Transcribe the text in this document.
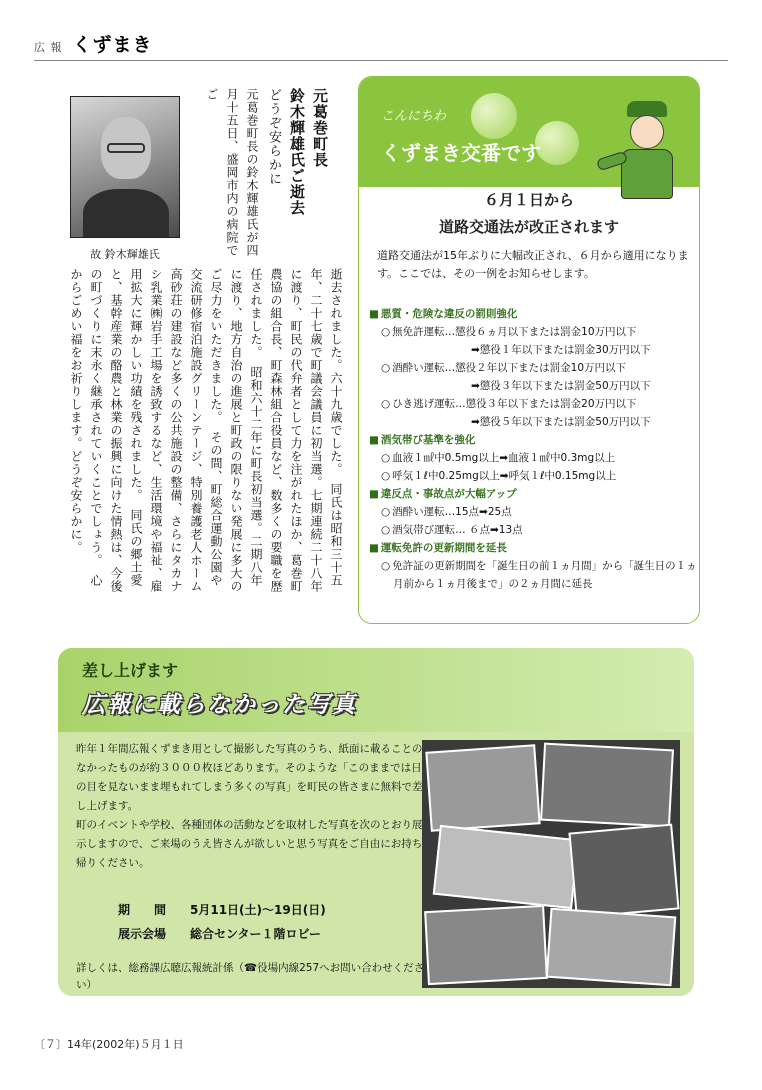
広 報 くずまき
故 鈴木輝雄氏
元葛巻町長
鈴木輝雄氏ご逝去
どうぞ安らかに
元葛巻町長の鈴木輝雄氏が四月十五日、盛岡市内の病院でご
逝去されました。六十九歳でした。　同氏は昭和三十五年、二十七歳で町議会議員に初当選。七期連続二十八年に渡り、町民の代弁者として力を注がれたほか、葛巻町農協の組合長、町森林組合役員など、数多くの要職を歴任されました。　昭和六十二年に町長初当選。二期八年に渡り、地方自治の進展と町政の限りない発展に多大のご尽力をいただきました。　その間、町総合運動公園や交流研修宿泊施設グリーンテージ、特別養護老人ホーム高砂荘の建設など多くの公共施設の整備、さらにタカナシ乳業㈱岩手工場を誘致するなど、生活環境や福祉、雇用拡大に輝かしい功績を残されました。　同氏の郷土愛と、基幹産業の酪農と林業の振興に向けた情熱は、今後の町づくりに末永く継承されていくことでしょう。　心からごめい福をお祈りします。どうぞ安らかに。
こんにちわ
くずまき交番です
６月１日から
道路交通法が改正されます
道路交通法が15年ぶりに大幅改正され、６月から適用になります。ここでは、その一例をお知らせします。
■ 悪質・危険な違反の罰則強化
○ 無免許運転…懲役６ヵ月以下または罰金10万円以下
➡懲役１年以下または罰金30万円以下
○ 酒酔い運転…懲役２年以下または罰金10万円以下
➡懲役３年以下または罰金50万円以下
○ ひき逃げ運転…懲役３年以下または罰金20万円以下
➡懲役５年以下または罰金50万円以下
■ 酒気帯び基準を強化
○ 血液１㎖中0.5mg以上➡血液１㎖中0.3mg以上
○ 呼気１ℓ中0.25mg以上➡呼気１ℓ中0.15mg以上
■ 違反点・事故点が大幅アップ
○ 酒酔い運転…15点➡25点
○ 酒気帯び運転… ６点➡13点
■ 運転免許の更新期間を延長
○ 免許証の更新期間を「誕生日の前１ヵ月間」から「誕生日の１ヵ月前から１ヵ月後まで」の２ヵ月間に延長
差し上げます
広報に載らなかった写真

昨年１年間広報くずまき用として撮影した写真のうち、紙面に載ることのなかったものが約３０００枚ほどあります。そのような「このままでは日の目を見ないまま埋もれてしまう多くの写真」を町民の皆さまに無料で差し上げます。

町のイベントや学校、各種団体の活動などを取材した写真を次のとおり展示しますので、ご来場のうえ皆さんが欲しいと思う写真をご自由にお持ち帰りください。

期　　間 5月11日(土)～19日(日)
展示会場 総合センター１階ロビー
詳しくは、総務課広聴広報統計係（☎役場内線257へお問い合わせください）
〔７〕14年(2002年)５月１日
